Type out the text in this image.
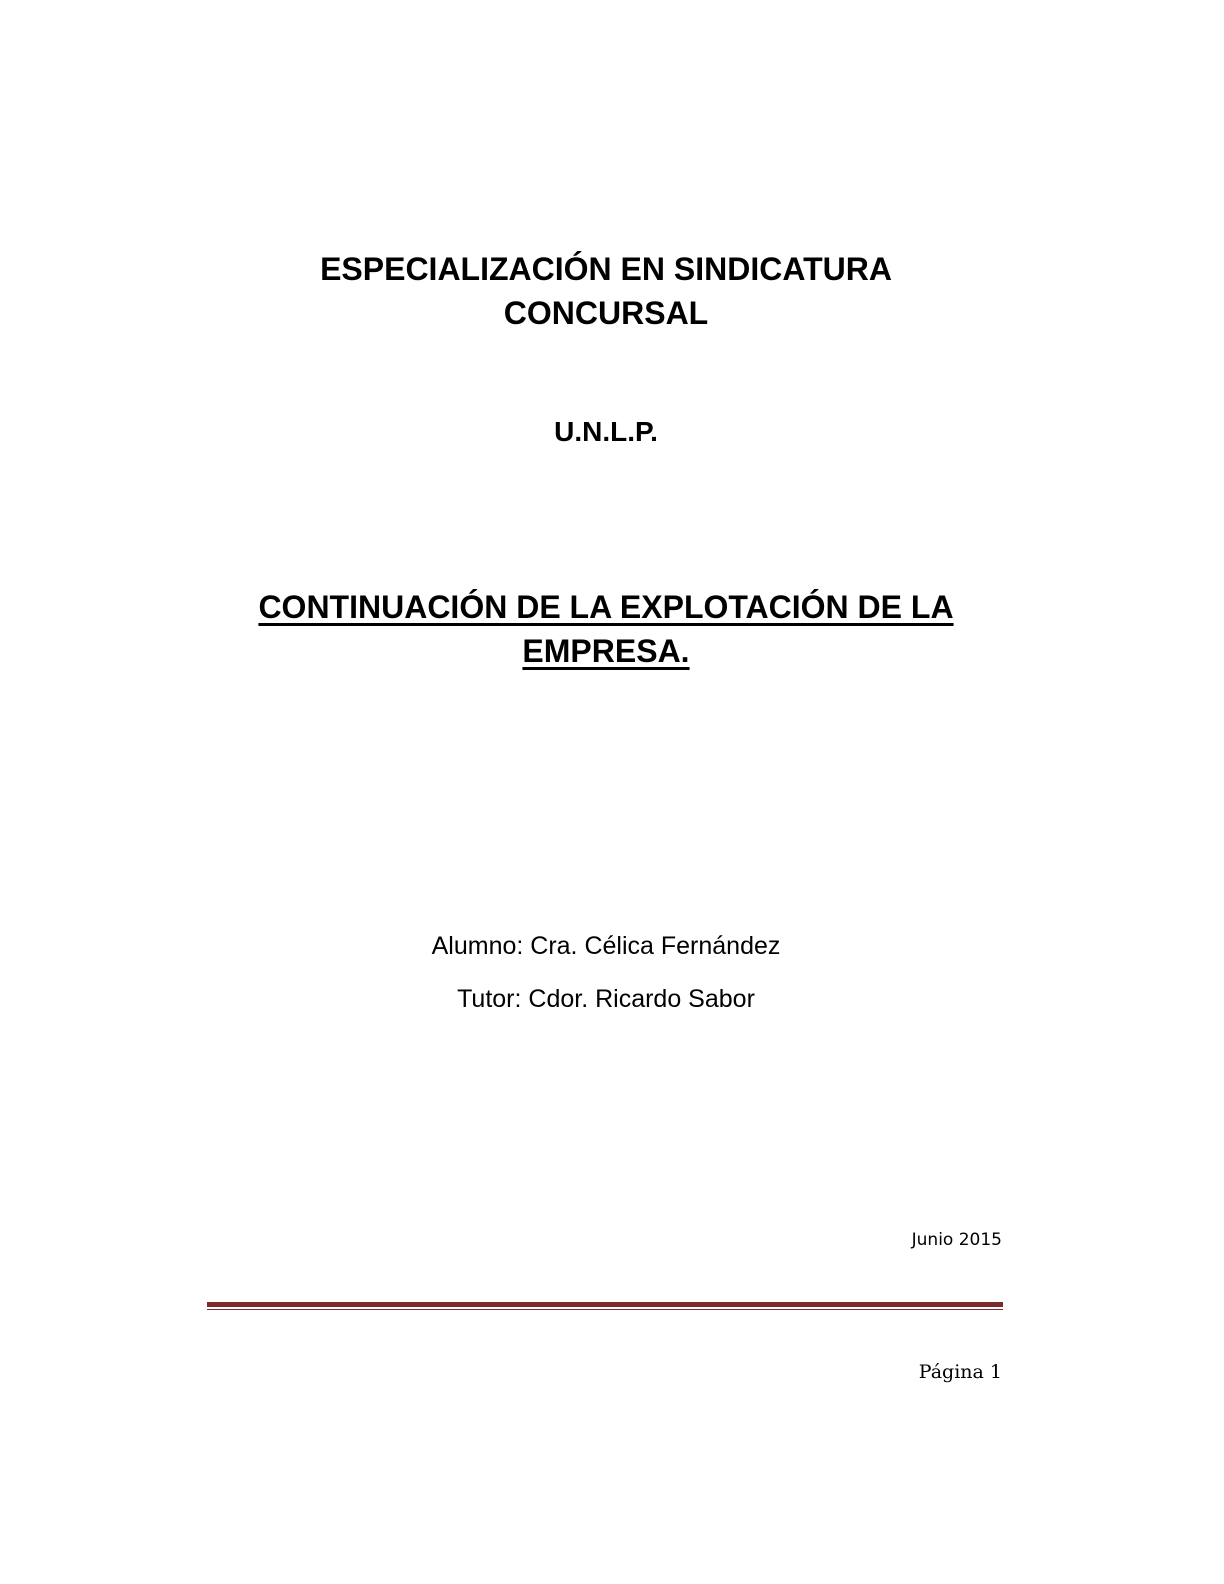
ESPECIALIZACIÓN EN SINDICATURA
CONCURSAL
U.N.L.P.
CONTINUACIÓN DE LA EXPLOTACIÓN DE LA
EMPRESA.
Alumno: Cra. Célica Fernández
Tutor: Cdor. Ricardo Sabor
Junio 2015
Página 1
